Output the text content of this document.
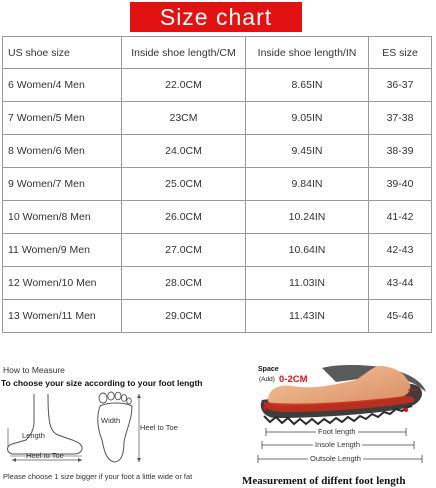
Size chart
US shoe size	Inside shoe length/CM	Inside shoe length/IN	ES size
6 Women/4 Men	22.0CM	8.65IN	36-37
7 Women/5 Men	23CM	9.05IN	37-38
8 Women/6 Men	24.0CM	9.45IN	38-39
9 Women/7 Men	25.0CM	9.84IN	39-40
10 Women/8 Men	26.0CM	10.24IN	41-42
11 Women/9 Men	27.0CM	10.64IN	42-43
12 Women/10 Men	28.0CM	11.03IN	43-44
13 Women/11 Men	29.0CM	11.43IN	45-46
How to Measure
To choose your size according to your foot length
Length
Heel to Toe
Width
Heel to Toe
Please choose 1 size bigger if your foot a little wide or fat
Space
(Add) 0-2CM
Foot length
Insole Length
Outsole Length
Measurement of diffent foot length
